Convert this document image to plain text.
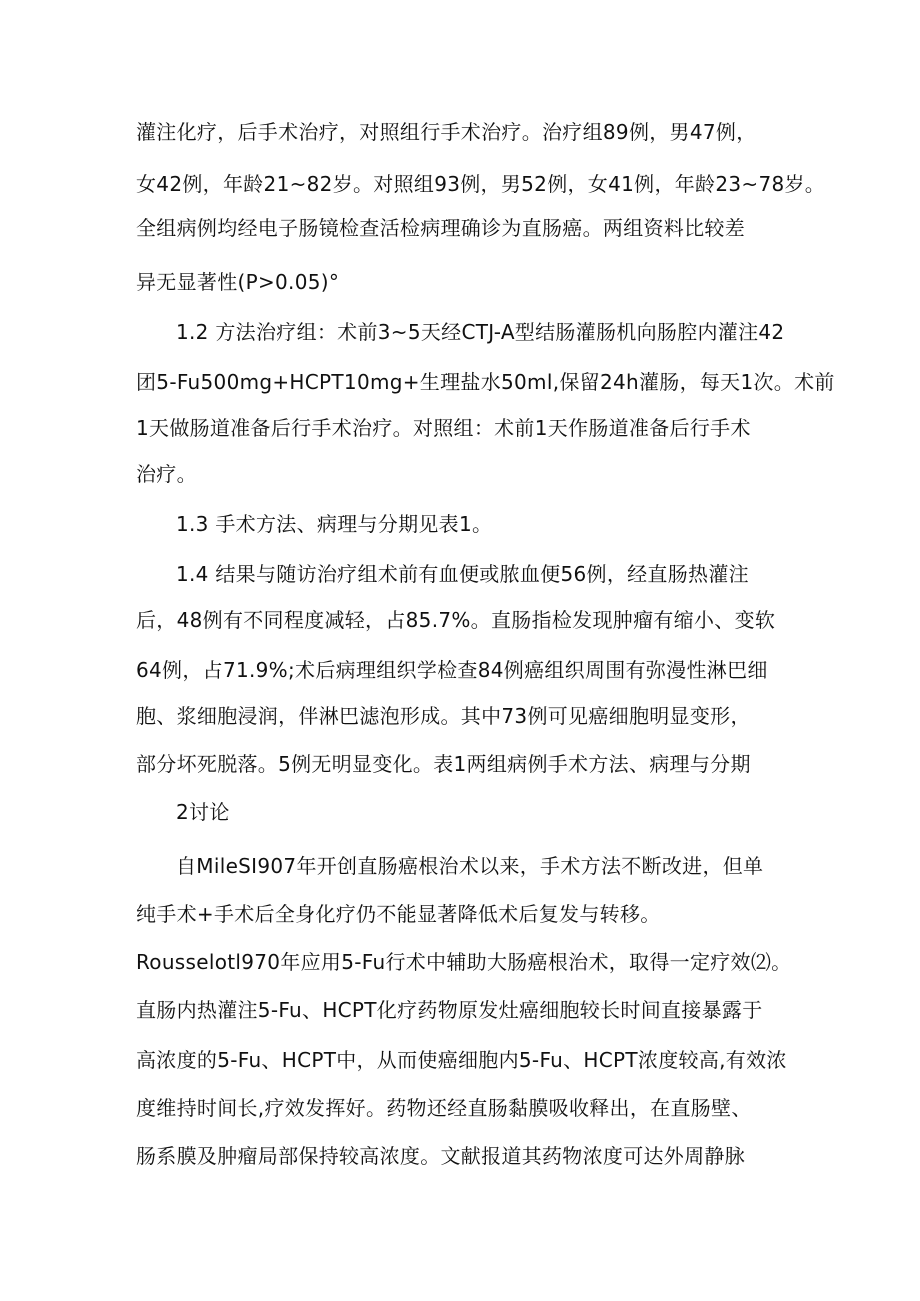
灌注化疗，后手术治疗，对照组行手术治疗。治疗组89例，男47例，
女42例，年龄21~82岁。对照组93例，男52例，女41例，年龄23~78岁。
全组病例均经电子肠镜检查活检病理确诊为直肠癌。两组资料比较差
异无显著性(P>0.05)°
1.2 方法治疗组：术前3~5天经CTJ-A型结肠灌肠机向肠腔内灌注42
团5-Fu500mg+HCPT10mg+生理盐水50ml,保留24h灌肠，每天1次。术前
1天做肠道准备后行手术治疗。对照组：术前1天作肠道准备后行手术
治疗。
1.3 手术方法、病理与分期见表1。
1.4 结果与随访治疗组术前有血便或脓血便56例，经直肠热灌注
后，48例有不同程度减轻，占85.7%。直肠指检发现肿瘤有缩小、变软
64例，占71.9%;术后病理组织学检查84例癌组织周围有弥漫性淋巴细
胞、浆细胞浸润，伴淋巴滤泡形成。其中73例可见癌细胞明显变形，
部分坏死脱落。5例无明显变化。表1两组病例手术方法、病理与分期
2讨论
自MileSI907年开创直肠癌根治术以来，手术方法不断改进，但单
纯手术+手术后全身化疗仍不能显著降低术后复发与转移。
Rousselotl970年应用5-Fu行术中辅助大肠癌根治术，取得一定疗效⑵。
直肠内热灌注5-Fu、HCPT化疗药物原发灶癌细胞较长时间直接暴露于
高浓度的5-Fu、HCPT中，从而使癌细胞内5-Fu、HCPT浓度较高,有效浓
度维持时间长,疗效发挥好。药物还经直肠黏膜吸收释出，在直肠壁、
肠系膜及肿瘤局部保持较高浓度。文献报道其药物浓度可达外周静脉
